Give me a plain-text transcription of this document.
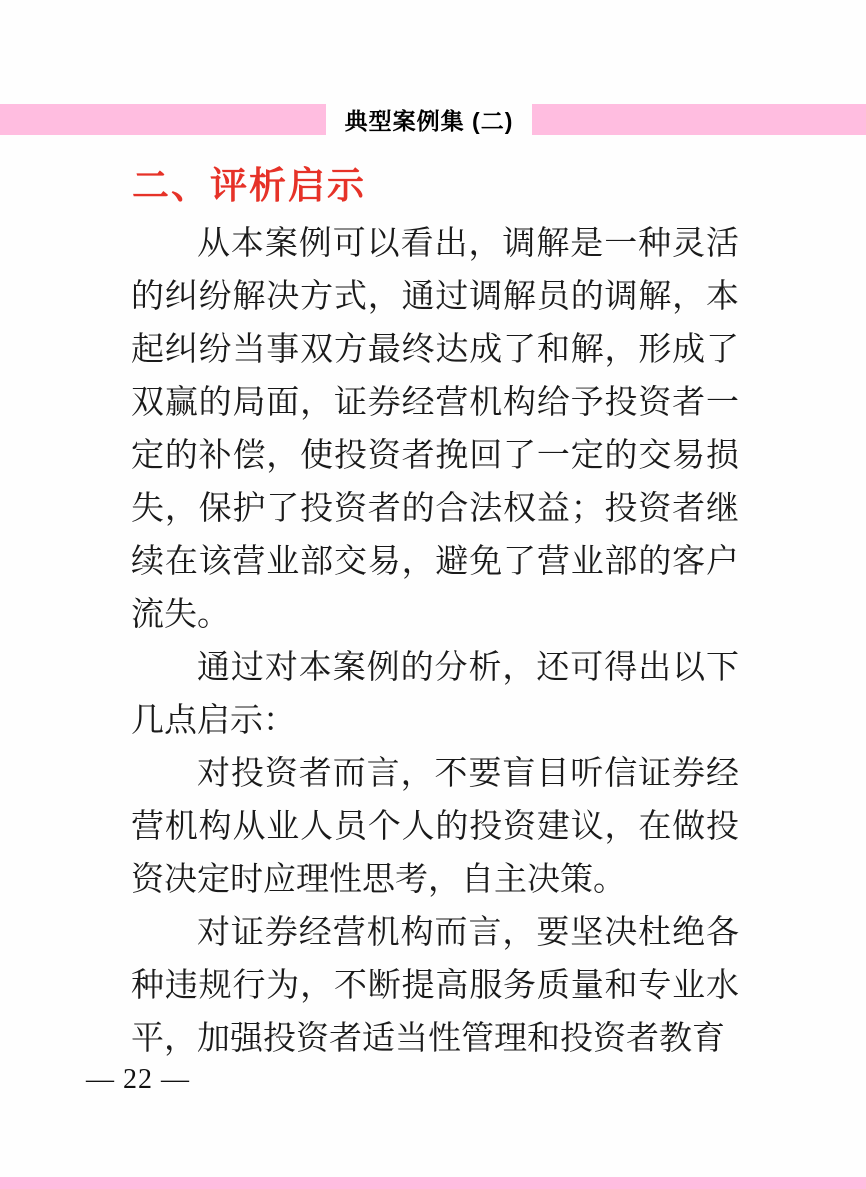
典型案例集 (二)
二、评析启示

从本案例可以看出，调解是一种灵活的纠纷解决方式，通过调解员的调解，本起纠纷当事双方最终达成了和解，形成了双赢的局面，证券经营机构给予投资者一定的补偿，使投资者挽回了一定的交易损失，保护了投资者的合法权益；投资者继续在该营业部交易，避免了营业部的客户流失。

通过对本案例的分析，还可得出以下几点启示：

对投资者而言，不要盲目听信证券经营机构从业人员个人的投资建议，在做投资决定时应理性思考，自主决策。

对证券经营机构而言，要坚决杜绝各种违规行为，不断提高服务质量和专业水平，加强投资者适当性管理和投资者教育

— 22 —
